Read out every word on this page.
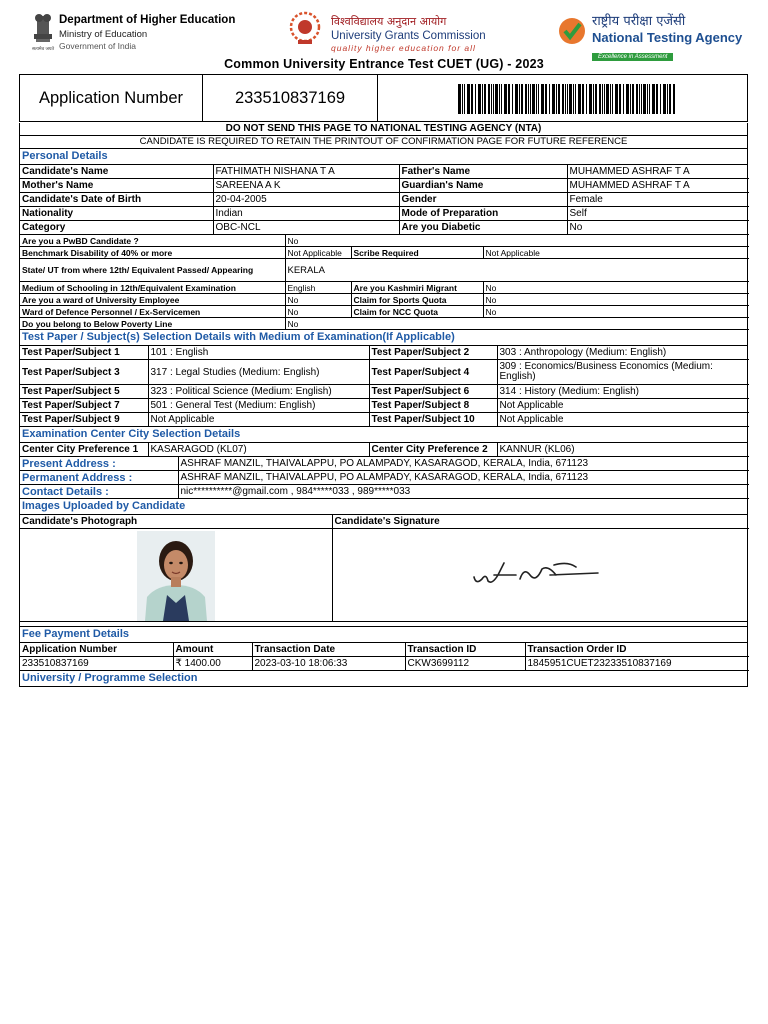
सत्यमेव जयते
Department of Higher Education
Ministry of Education
Government of India
विश्वविद्यालय अनुदान आयोग
University Grants Commission
quality higher education for all
राष्ट्रीय परीक्षा एजेंसी
National Testing Agency
Excellence in Assessment
Common University Entrance Test CUET (UG) - 2023
Application Number	233510837169
DO NOT SEND THIS PAGE TO NATIONAL TESTING AGENCY (NTA)
CANDIDATE IS REQUIRED TO RETAIN THE PRINTOUT OF CONFIRMATION PAGE FOR FUTURE REFERENCE
Personal Details
Candidate's Name	FATHIMATH NISHANA T A	Father's Name	MUHAMMED ASHRAF T A
Mother's Name	SAREENA A K	Guardian's Name	MUHAMMED ASHRAF T A
Candidate's Date of Birth	20-04-2005	Gender	Female
Nationality	Indian	Mode of Preparation	Self
Category	OBC-NCL	Are you Diabetic	No
Are you a PwBD Candidate ?	No		
Benchmark Disability of 40% or more	Not Applicable	Scribe Required	Not Applicable
State/ UT from where 12th/ Equivalent Passed/ Appearing	KERALA		
Medium of Schooling in 12th/Equivalent Examination	English	Are you Kashmiri Migrant	No
Are you a ward of University Employee	No	Claim for Sports Quota	No
Ward of Defence Personnel / Ex-Servicemen	No	Claim for NCC Quota	No
Do you belong to Below Poverty Line	No		
Test Paper / Subject(s) Selection Details with Medium of Examination(If Applicable)
Test Paper/Subject 1	101 : English	Test Paper/Subject 2	303 : Anthropology (Medium: English)
Test Paper/Subject 3	317 : Legal Studies (Medium: English)	Test Paper/Subject 4	309 : Economics/Business Economics (Medium: English)
Test Paper/Subject 5	323 : Political Science (Medium: English)	Test Paper/Subject 6	314 : History (Medium: English)
Test Paper/Subject 7	501 : General Test (Medium: English)	Test Paper/Subject 8	Not Applicable
Test Paper/Subject 9	Not Applicable	Test Paper/Subject 10	Not Applicable
Examination Center City Selection Details
Center City Preference 1	KASARAGOD (KL07)	Center City Preference 2	KANNUR (KL06)
Present Address :	ASHRAF MANZIL, THAIVALAPPU, PO ALAMPADY, KASARAGOD, KERALA, India, 671123
Permanent Address :	ASHRAF MANZIL, THAIVALAPPU, PO ALAMPADY, KASARAGOD, KERALA, India, 671123
Contact Details :	nic**********@gmail.com , 984*****033 , 989*****033
Images Uploaded by Candidate
Candidate's Photograph	Candidate's Signature
Fee Payment Details
Application Number	Amount	Transaction Date	Transaction ID	Transaction Order ID
233510837169	₹ 1400.00	2023-03-10 18:06:33	CKW3699112	1845951CUET23233510837169
University / Programme Selection
